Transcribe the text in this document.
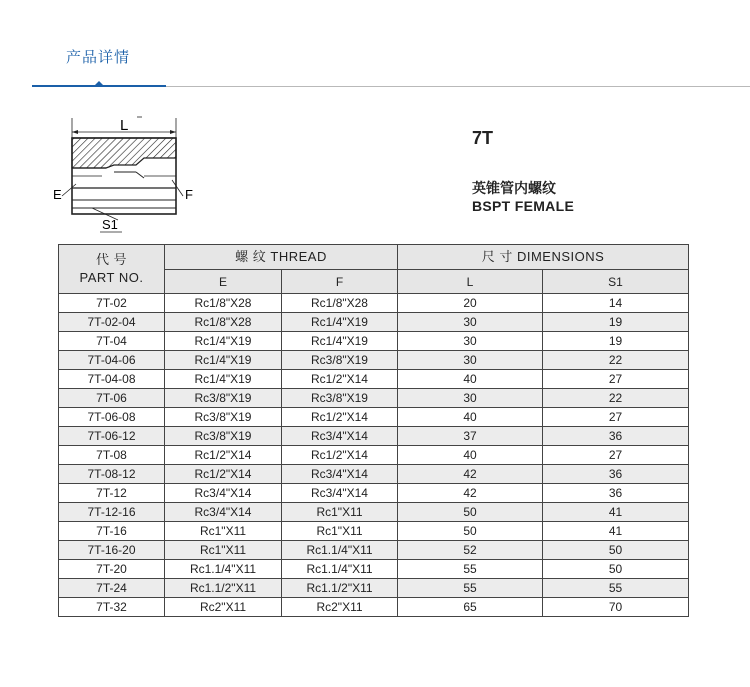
产品详情
L
E	F
S1
7T
英锥管内螺纹
BSPT FEMALE
代 号
PART NO.	螺 纹 THREAD		尺 寸 DIMENSIONS	
	E	F	L	S1
7T-02	Rc1/8"X28	Rc1/8"X28	20	14
7T-02-04	Rc1/8"X28	Rc1/4"X19	30	19
7T-04	Rc1/4"X19	Rc1/4"X19	30	19
7T-04-06	Rc1/4"X19	Rc3/8"X19	30	22
7T-04-08	Rc1/4"X19	Rc1/2"X14	40	27
7T-06	Rc3/8"X19	Rc3/8"X19	30	22
7T-06-08	Rc3/8"X19	Rc1/2"X14	40	27
7T-06-12	Rc3/8"X19	Rc3/4"X14	37	36
7T-08	Rc1/2"X14	Rc1/2"X14	40	27
7T-08-12	Rc1/2"X14	Rc3/4"X14	42	36
7T-12	Rc3/4"X14	Rc3/4"X14	42	36
7T-12-16	Rc3/4"X14	Rc1"X11	50	41
7T-16	Rc1"X11	Rc1"X11	50	41
7T-16-20	Rc1"X11	Rc1.1/4"X11	52	50
7T-20	Rc1.1/4"X11	Rc1.1/4"X11	55	50
7T-24	Rc1.1/2"X11	Rc1.1/2"X11	55	55
7T-32	Rc2"X11	Rc2"X11	65	70
